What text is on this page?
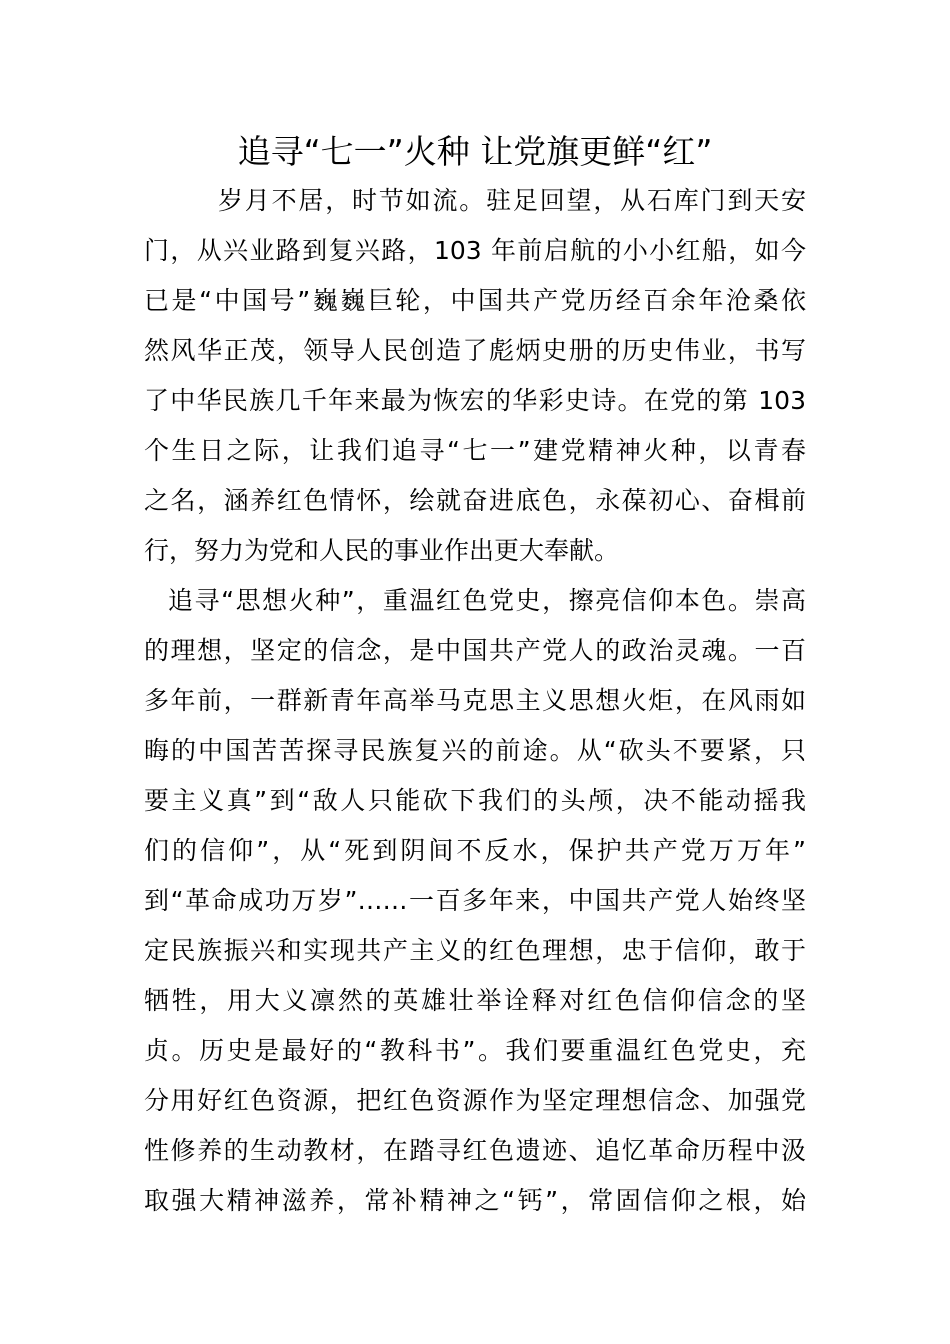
追寻“七一”火种 让党旗更鲜“红”
岁月不居，时节如流。驻足回望，从石库门到天安
门，从兴业路到复兴路，103 年前启航的小小红船，如今
已是“中国号”巍巍巨轮，中国共产党历经百余年沧桑依
然风华正茂，领导人民创造了彪炳史册的历史伟业，书写
了中华民族几千年来最为恢宏的华彩史诗。在党的第 103
个生日之际，让我们追寻“七一”建党精神火种，以青春
之名，涵养红色情怀，绘就奋进底色，永葆初心、奋楫前
行，努力为党和人民的事业作出更大奉献。
追寻“思想火种”，重温红色党史，擦亮信仰本色。崇高
的理想，坚定的信念，是中国共产党人的政治灵魂。一百
多年前，一群新青年高举马克思主义思想火炬，在风雨如
晦的中国苦苦探寻民族复兴的前途。从“砍头不要紧，只
要主义真”到“敌人只能砍下我们的头颅，决不能动摇我
们的信仰”，从“死到阴间不反水，保护共产党万万年”
到“革命成功万岁”……一百多年来，中国共产党人始终坚
定民族振兴和实现共产主义的红色理想，忠于信仰，敢于
牺牲，用大义凛然的英雄壮举诠释对红色信仰信念的坚
贞。历史是最好的“教科书”。我们要重温红色党史，充
分用好红色资源，把红色资源作为坚定理想信念、加强党
性修养的生动教材，在踏寻红色遗迹、追忆革命历程中汲
取强大精神滋养，常补精神之“钙”，常固信仰之根，始
